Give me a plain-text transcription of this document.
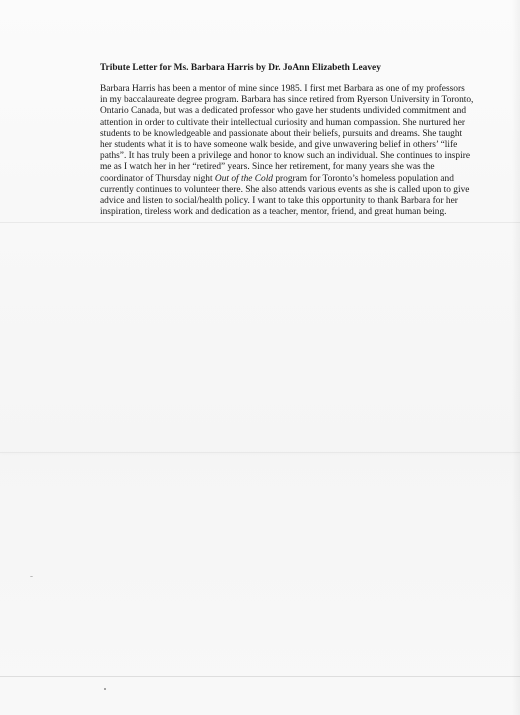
Tribute Letter for Ms. Barbara Harris by Dr. JoAnn Elizabeth Leavey

Barbara Harris has been a mentor of mine since 1985. I first met Barbara as one of my professors in my baccalaureate degree program. Barbara has since retired from Ryerson University in Toronto, Ontario Canada, but was a dedicated professor who gave her students undivided commitment and attention in order to cultivate their intellectual curiosity and human compassion. She nurtured her students to be knowledgeable and passionate about their beliefs, pursuits and dreams. She taught her students what it is to have someone walk beside, and give unwavering belief in others’ “life paths”. It has truly been a privilege and honor to know such an individual. She continues to inspire me as I watch her in her “retired” years. Since her retirement, for many years she was the coordinator of Thursday night Out of the Cold program for Toronto’s homeless population and currently continues to volunteer there. She also attends various events as she is called upon to give advice and listen to social/health policy. I want to take this opportunity to thank Barbara for her inspiration, tireless work and dedication as a teacher, mentor, friend, and great human being.
